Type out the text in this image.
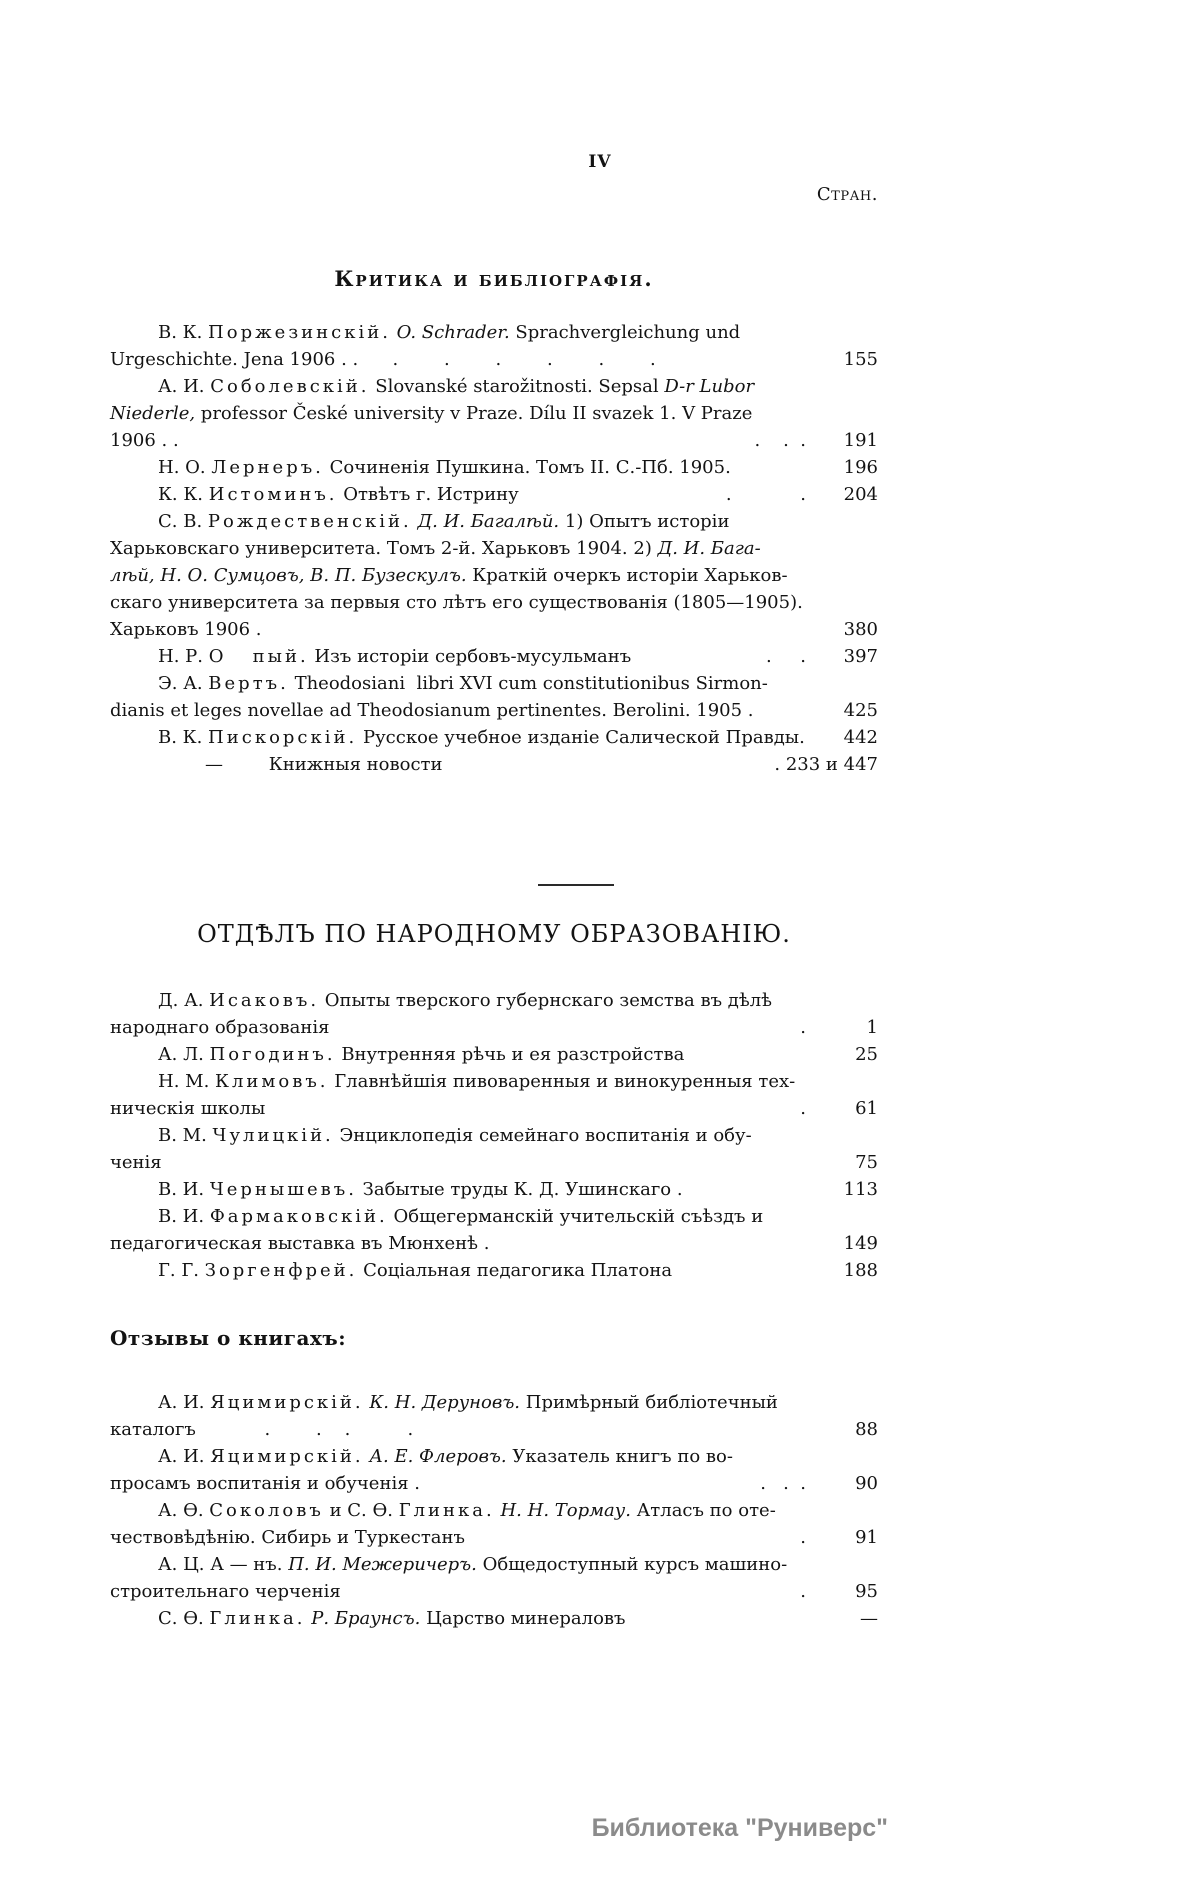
IV
Стран.
Критика и библіографія.
В. К. Поржезинскій. O. Schrader. Sprachvergleichung und
Urgeschichte. Jena 1906 . .      .        .        .        .        .        .	155
А. И. Соболевскій. Slovanské starožitnosti. Sepsal D-r Lubor
Niederle, professor České university v Praze. Dílu II svazek 1. V Praze
1906 . .	.    .  .	191
Н. О. Лернеръ. Сочиненія Пушкина. Томъ II. С.-Пб. 1905.	196
К. К. Истоминъ. Отвѣтъ г. Истрину	.            .	204
С. В. Рождественскій. Д. И. Багалѣй. 1) Опытъ исторіи
Харьковскаго университета. Томъ 2-й. Харьковъ 1904. 2) Д. И. Бага-
лѣй, Н. О. Сумцовъ, В. П. Бузескулъ. Краткій очеркъ исторіи Харьков-
скаго университета за первыя сто лѣтъ его существованія (1805—1905).
Харьковъ 1906 .	380
Н. Р. О   пый. Изъ исторіи сербовъ-мусульманъ	.     .	397
Э. А. Вертъ. Theodosiani  libri XVI cum constitutionibus Sirmon-
dianis et leges novellae ad Theodosianum pertinentes. Berolini. 1905 .	425
В. К. Пискорскій. Русское учебное изданіе Салической Правды.	442
—        Книжныя новости	. 233 и 447
ОТДѢЛЪ ПО НАРОДНОМУ ОБРАЗОВАНІЮ.
Д. А. Исаковъ. Опыты тверского губернскаго земства въ дѣлѣ
народнаго образованія	.	1
А. Л. Погодинъ. Внутренняя рѣчь и ея разстройства	25
Н. М. Климовъ. Главнѣйшія пивоваренныя и винокуренныя тех-
ническія школы	.	61
В. М. Чулицкій. Энциклопедія семейнаго воспитанія и обу-
ченія	75
В. И. Чернышевъ. Забытые труды К. Д. Ушинскаго .	113
В. И. Фармаковскій. Общегерманскій учительскій съѣздъ и
педагогическая выставка въ Мюнхенѣ .	149
Г. Г. Зоргенфрей. Соціальная педагогика Платона	188
Отзывы о книгахъ:
А. И. Яцимирскій. К. Н. Деруновъ. Примѣрный библіотечный
каталогъ            .        .    .          .	88
А. И. Яцимирскій. А. Е. Флеровъ. Указатель книгъ по во-
просамъ воспитанія и обученія .	.   .  .	90
А. Ѳ. Соколовъ и С. Ѳ. Глинка. Н. Н. Тормау. Атласъ по оте-
чествовѣдѣнію. Сибирь и Туркестанъ	.	91
А. Ц. А — нъ. П. И. Межеричеръ. Общедоступный курсъ машино-
строительнаго черченія	.	95
С. Ѳ. Глинка. Р. Браунсъ. Царство минераловъ	—
Библиотека "Руниверс"
